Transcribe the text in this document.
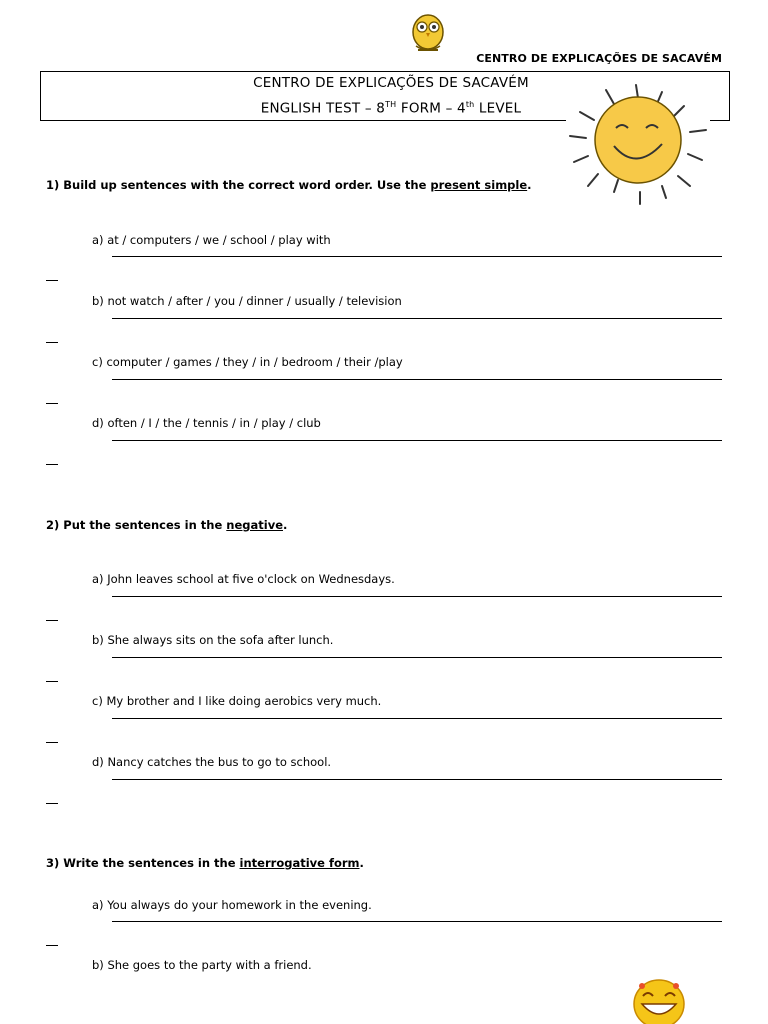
CENTRO DE EXPLICAÇÕES DE SACAVÉM
CENTRO DE EXPLICAÇÕES DE SACAVÉM
ENGLISH TEST – 8TH FORM – 4th LEVEL
1) Build up sentences with the correct word order. Use the present simple.
a) at / computers / we / school / play with
b) not watch / after / you / dinner / usually / television
c) computer / games / they / in / bedroom / their /play
d) often / I / the / tennis / in / play / club
2) Put the sentences in the negative.
a) John leaves school at five o'clock on Wednesdays.
b) She always sits on the sofa after lunch.
c) My brother and I like doing aerobics very much.
d) Nancy catches the bus to go to school.
3) Write the sentences in the interrogative form.
a) You always do your homework in the evening.
b) She goes to the party with a friend.
